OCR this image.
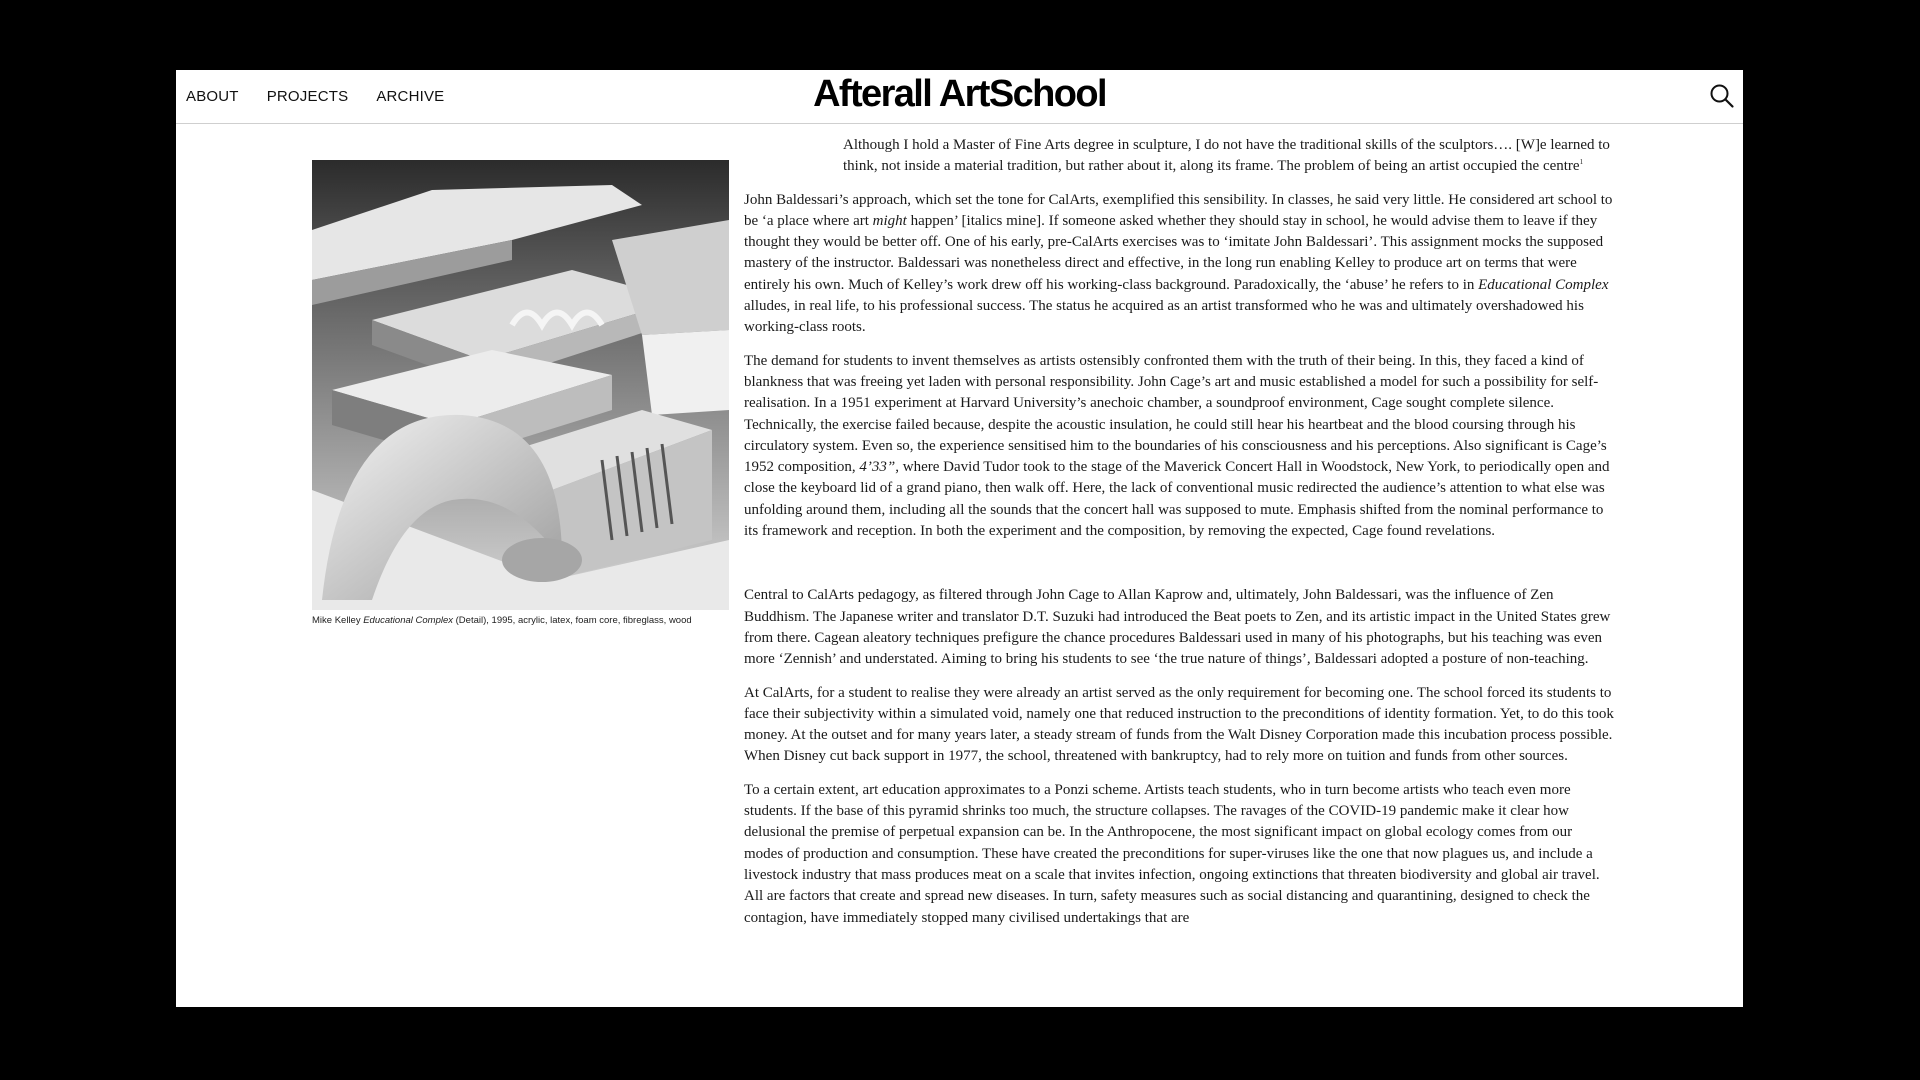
ABOUT PROJECTS ARCHIVE	Afterall ArtSchool
Mike Kelley Educational Complex (Detail), 1995, acrylic, latex, foam core, fibreglass, wood

Although I hold a Master of Fine Arts degree in sculpture, I do not have the traditional skills of the sculptors…. [W]e learned to think, not inside a material tradition, but rather about it, along its frame. The problem of being an artist occupied the centre$^1$

John Baldessari’s approach, which set the tone for CalArts, exemplified this sensibility. In classes, he said very little. He considered art school to be ‘a place where art might happen’ [italics mine]. If someone asked whether they should stay in school, he would advise them to leave if they thought they would be better off. One of his early, pre-CalArts exercises was to ‘imitate John Baldessari’. This assignment mocks the supposed mastery of the instructor. Baldessari was nonetheless direct and effective, in the long run enabling Kelley to produce art on terms that were entirely his own. Much of Kelley’s work drew off his working-class background. Paradoxically, the ‘abuse’ he refers to in Educational Complex alludes, in real life, to his professional success. The status he acquired as an artist transformed who he was and ultimately overshadowed his working-class roots.

The demand for students to invent themselves as artists ostensibly confronted them with the truth of their being. In this, they faced a kind of blankness that was freeing yet laden with personal responsibility. John Cage’s art and music established a model for such a possibility for self-realisation. In a 1951 experiment at Harvard University’s anechoic chamber, a soundproof environment, Cage sought complete silence. Technically, the exercise failed because, despite the acoustic insulation, he could still hear his heartbeat and the blood coursing through his circulatory system. Even so, the experience sensitised him to the boundaries of his consciousness and his perceptions. Also significant is Cage’s 1952 composition, 4’33”, where David Tudor took to the stage of the Maverick Concert Hall in Woodstock, New York, to periodically open and close the keyboard lid of a grand piano, then walk off. Here, the lack of conventional music redirected the audience’s attention to what else was unfolding around them, including all the sounds that the concert hall was supposed to mute. Emphasis shifted from the nominal performance to its framework and reception. In both the experiment and the composition, by removing the expected, Cage found revelations.

Central to CalArts pedagogy, as filtered through John Cage to Allan Kaprow and, ultimately, John Baldessari, was the influence of Zen Buddhism. The Japanese writer and translator D.T. Suzuki had introduced the Beat poets to Zen, and its artistic impact in the United States grew from there. Cagean aleatory techniques prefigure the chance procedures Baldessari used in many of his photographs, but his teaching was even more ‘Zennish’ and understated. Aiming to bring his students to see ‘the true nature of things’, Baldessari adopted a posture of non-teaching.

At CalArts, for a student to realise they were already an artist served as the only requirement for becoming one. The school forced its students to face their subjectivity within a simulated void, namely one that reduced instruction to the preconditions of identity formation. Yet, to do this took money. At the outset and for many years later, a steady stream of funds from the Walt Disney Corporation made this incubation process possible. When Disney cut back support in 1977, the school, threatened with bankruptcy, had to rely more on tuition and funds from other sources.

To a certain extent, art education approximates to a Ponzi scheme. Artists teach students, who in turn become artists who teach even more students. If the base of this pyramid shrinks too much, the structure collapses. The ravages of the COVID-19 pandemic make it clear how delusional the premise of perpetual expansion can be. In the Anthropocene, the most significant impact on global ecology comes from our modes of production and consumption. These have created the preconditions for super-viruses like the one that now plagues us, and include a livestock industry that mass produces meat on a scale that invites infection, ongoing extinctions that threaten biodiversity and global air travel. All are factors that create and spread new diseases. In turn, safety measures such as social distancing and quarantining, designed to check the contagion, have immediately stopped many civilised undertakings that are
